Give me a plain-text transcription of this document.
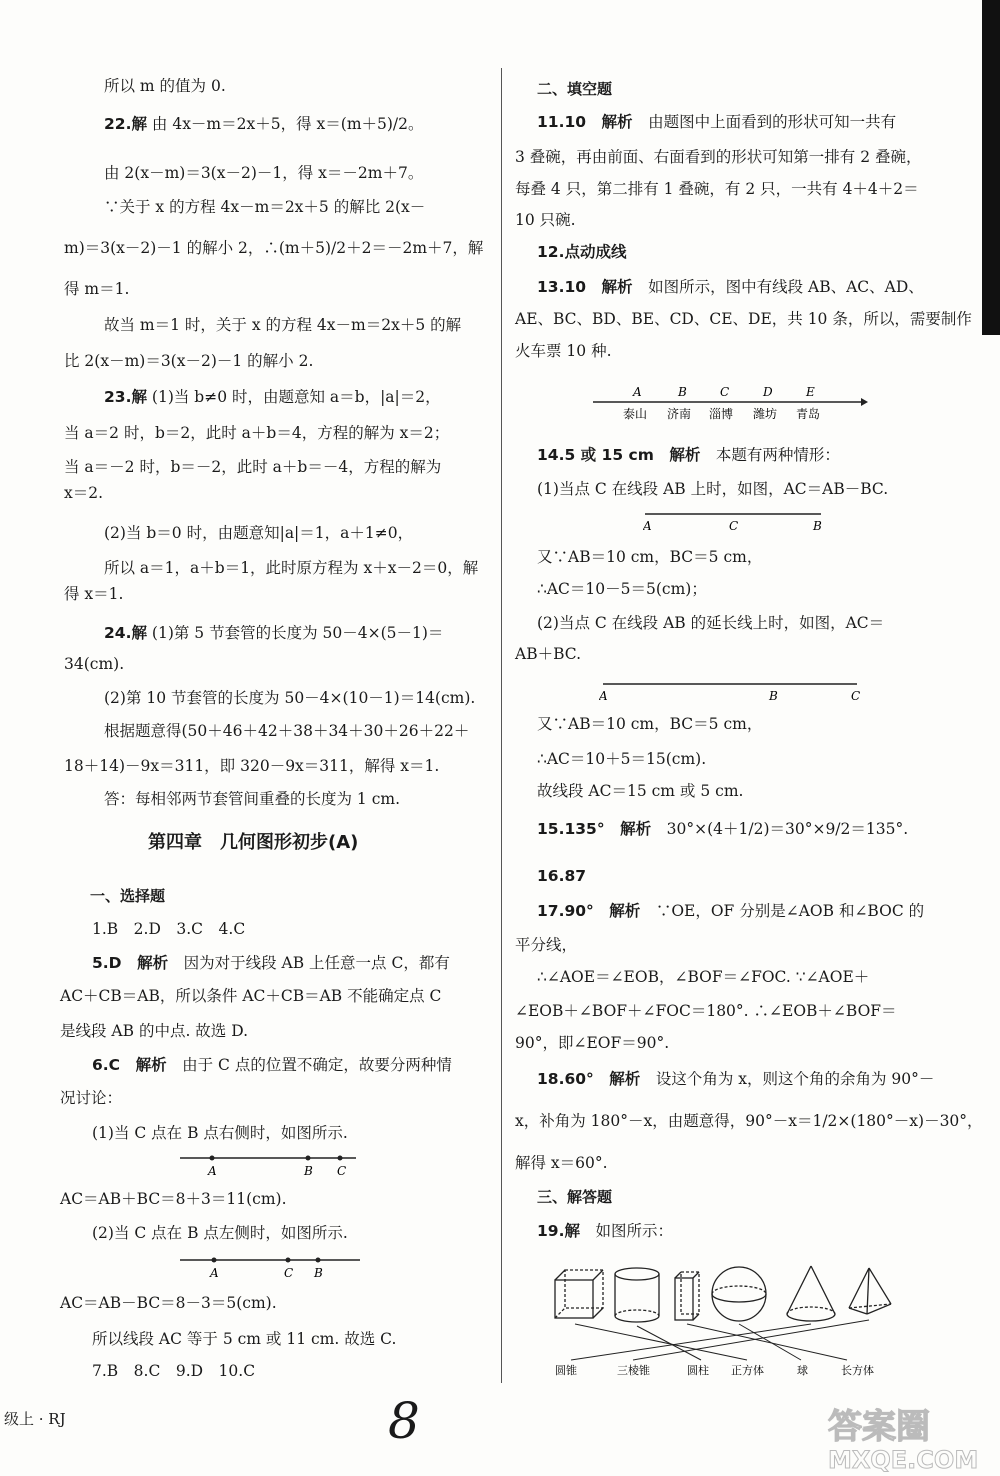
所以 m 的值为 0.
22.解 由 4x－m＝2x＋5，得 x＝(m＋5)/2。
由 2(x－m)＝3(x－2)－1，得 x＝－2m＋7。
∵关于 x 的方程 4x－m＝2x＋5 的解比 2(x－
m)＝3(x－2)－1 的解小 2，∴(m＋5)/2＋2＝－2m＋7，解
得 m＝1.
故当 m＝1 时，关于 x 的方程 4x－m＝2x＋5 的解
比 2(x－m)＝3(x－2)－1 的解小 2.
23.解 (1)当 b≠0 时，由题意知 a＝b，|a|＝2，
当 a＝2 时，b＝2，此时 a＋b＝4，方程的解为 x＝2；
当 a＝－2 时，b＝－2，此时 a＋b＝－4，方程的解为
x＝2.
(2)当 b＝0 时，由题意知|a|＝1，a＋1≠0，
所以 a＝1，a＋b＝1，此时原方程为 x＋x－2＝0，解
得 x＝1.
24.解 (1)第 5 节套管的长度为 50－4×(5－1)＝
34(cm).
(2)第 10 节套管的长度为 50－4×(10－1)＝14(cm).
根据题意得(50＋46＋42＋38＋34＋30＋26＋22＋
18＋14)－9x＝311，即 320－9x＝311，解得 x＝1.
答：每相邻两节套管间重叠的长度为 1 cm.
第四章　几何图形初步(A)
一、选择题
1.B　2.D　3.C　4.C
5.D　 解析　 因为对于线段 AB 上任意一点 C，都有
AC＋CB＝AB，所以条件 AC＋CB＝AB 不能确定点 C
是线段 AB 的中点. 故选 D.
6.C　 解析　 由于 C 点的位置不确定，故要分两种情
况讨论：
(1)当 C 点在 B 点右侧时，如图所示.
A	B C
AC＝AB＋BC＝8＋3＝11(cm).
(2)当 C 点在 B 点左侧时，如图所示.
A	C B
AC＝AB－BC＝8－3＝5(cm).
所以线段 AC 等于 5 cm 或 11 cm. 故选 C.
7.B　8.C　9.D　10.C
二、填空题
11.10　 解析　 由题图中上面看到的形状可知一共有
3 叠碗，再由前面、右面看到的形状可知第一排有 2 叠碗，
每叠 4 只，第二排有 1 叠碗，有 2 只，一共有 4＋4＋2＝
10 只碗.
12.点动成线
13.10　 解析　 如图所示，图中有线段 AB、AC、AD、
AE、BC、BD、BE、CD、CE、DE，共 10 条，所以，需要制作
火车票 10 种.
A	B	C	D	E
泰山 济南 淄博 潍坊 青岛
14.5 或 15 cm　 解析　 本题有两种情形：
(1)当点 C 在线段 AB 上时，如图，AC＝AB－BC.
A	C	B
又∵AB＝10 cm，BC＝5 cm，
∴AC＝10－5＝5(cm)；
(2)当点 C 在线段 AB 的延长线上时，如图，AC＝
AB＋BC.
A	B	C
又∵AB＝10 cm，BC＝5 cm，
∴AC＝10＋5＝15(cm).
故线段 AC＝15 cm 或 5 cm.
15.135°　 解析　 30°×(4＋1/2)＝30°×9/2＝135°.
16.87
17.90°　 解析　 ∵OE，OF 分别是∠AOB 和∠BOC 的
平分线，
∴∠AOE＝∠EOB，∠BOF＝∠FOC. ∵∠AOE＋
∠EOB＋∠BOF＋∠FOC＝180°. ∴∠EOB＋∠BOF＝
90°，即∠EOF＝90°.
18.60°　 解析　 设这个角为 x，则这个角的余角为 90°－
x，补角为 180°－x，由题意得，90°－x＝1/2×(180°－x)－30°，
解得 x＝60°.
三、解答题
19.解　 如图所示：
圆锥	三棱锥	圆柱 正方体	球	长方体
级上 · RJ	8	答案圈
MXQE.COM
